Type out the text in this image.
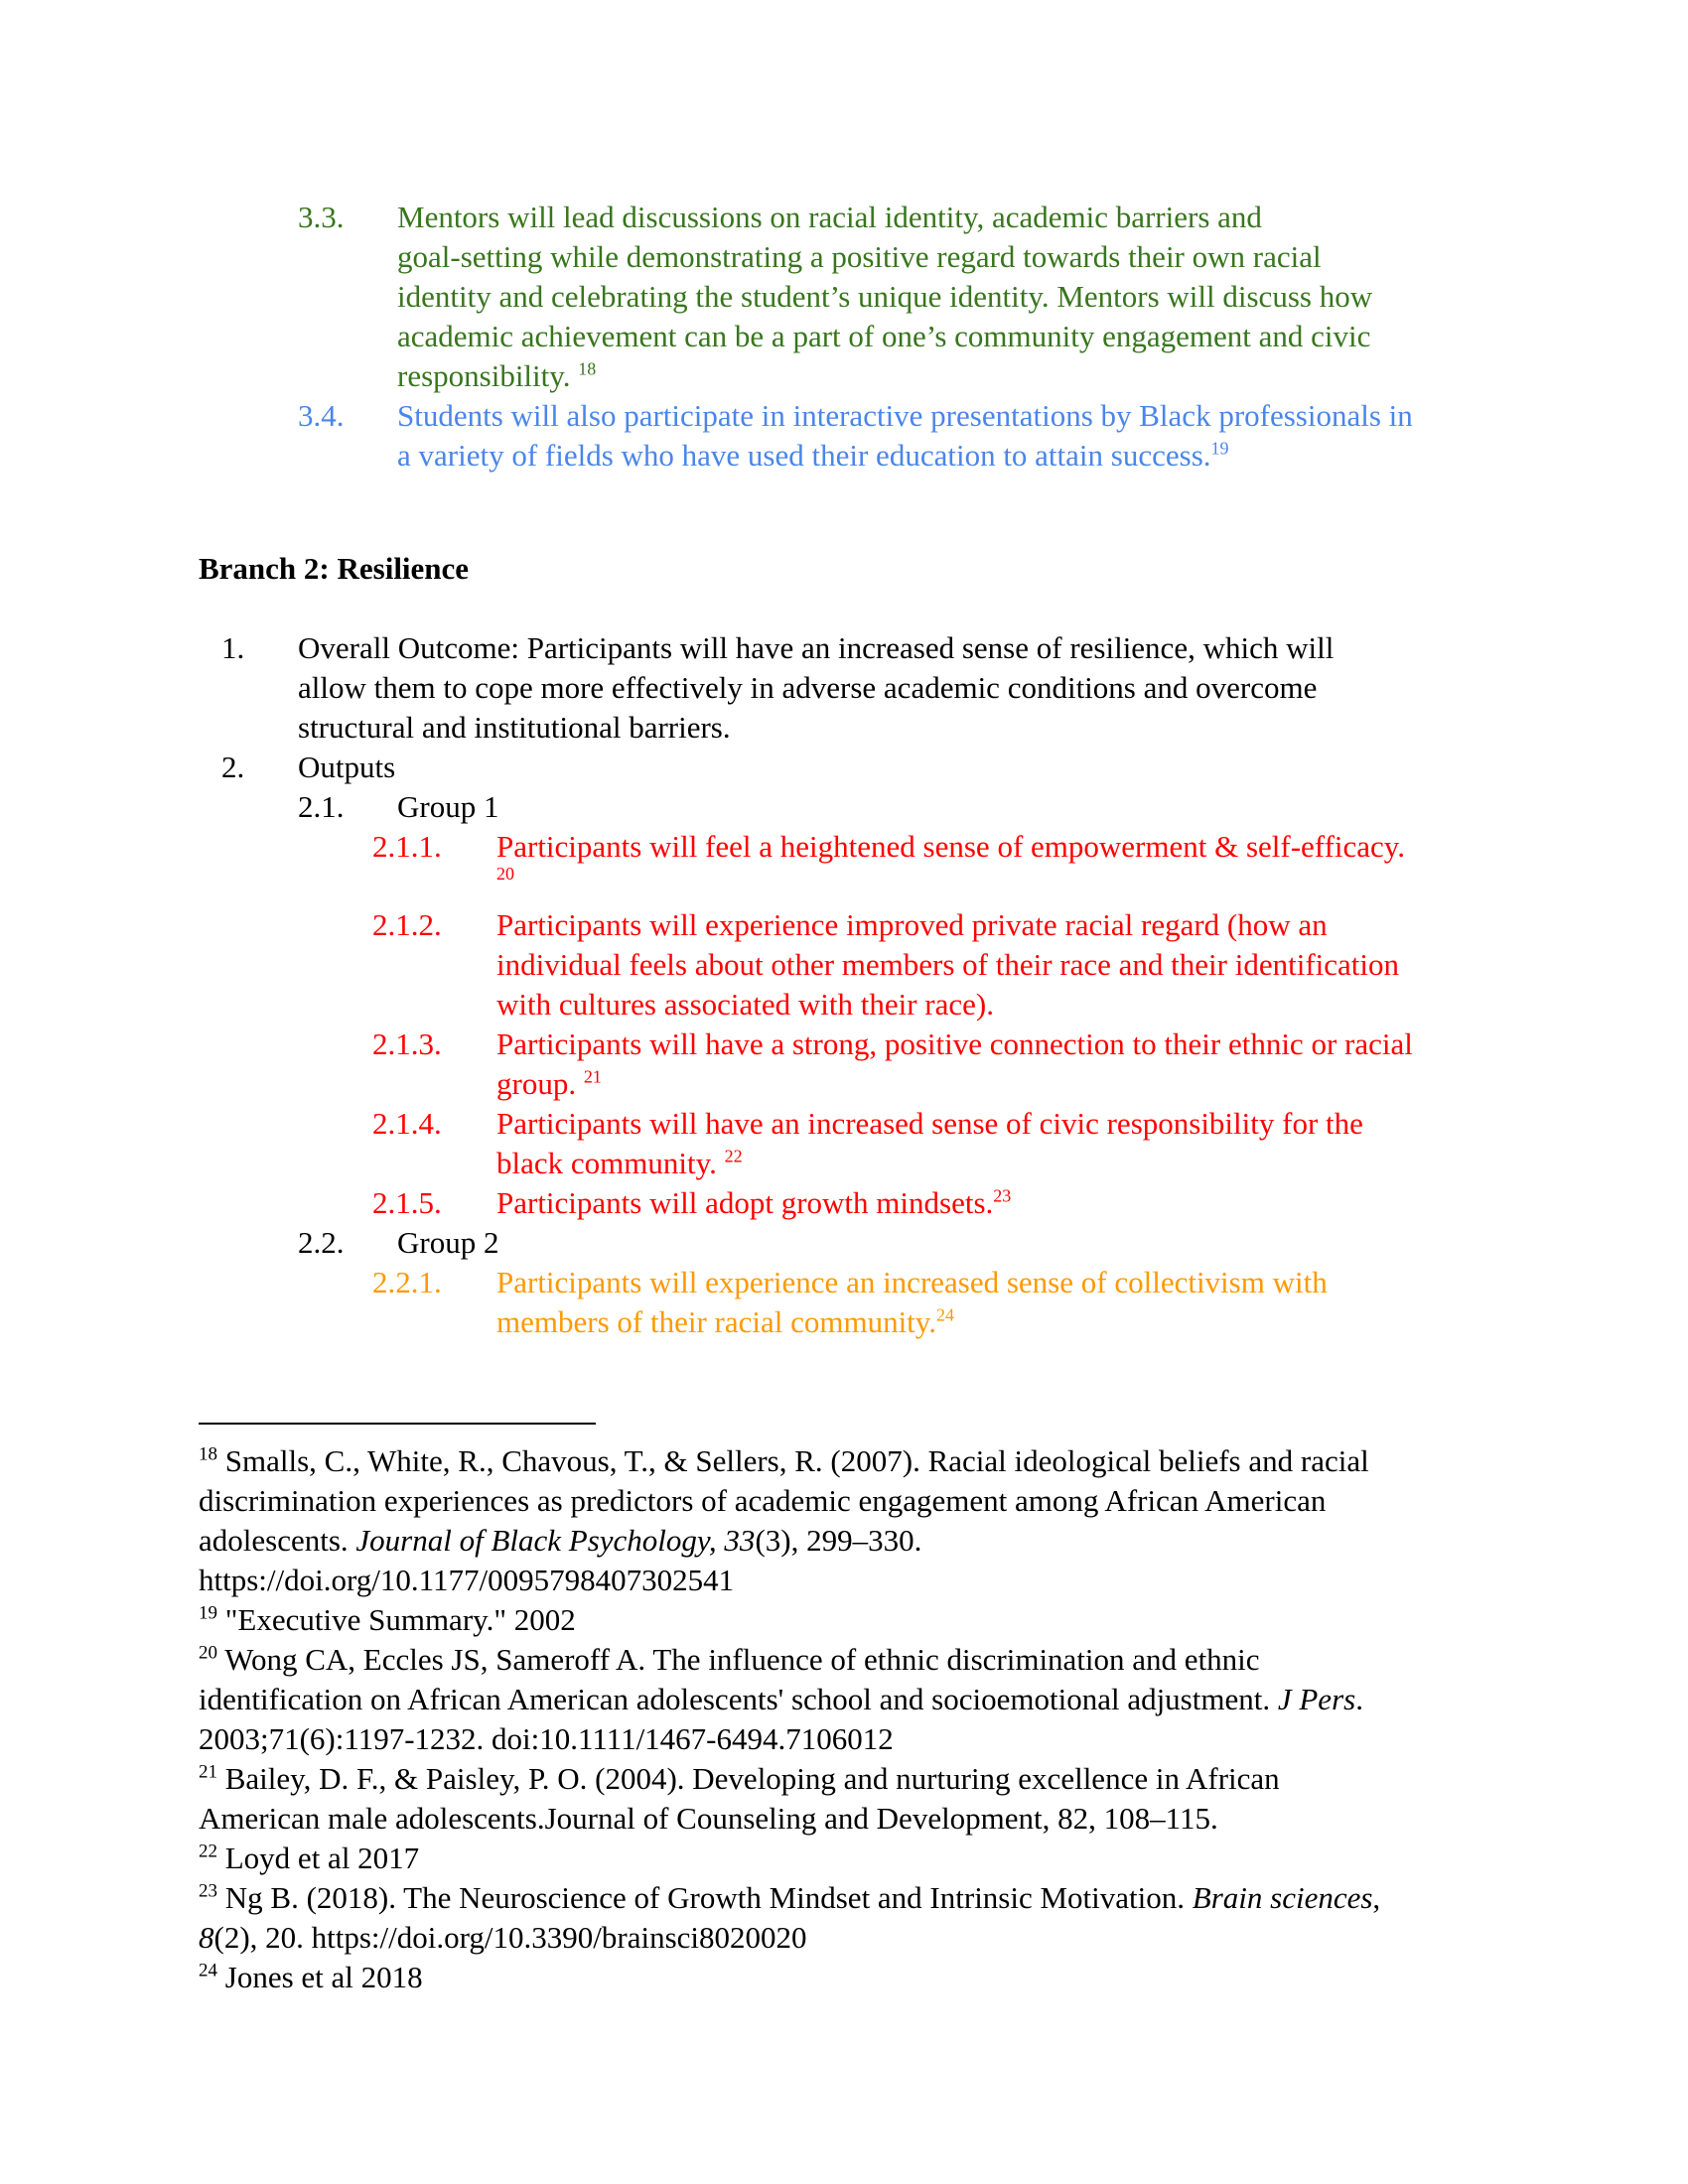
3.3. Mentors will lead discussions on racial identity, academic barriers and
goal-setting while demonstrating a positive regard towards their own racial
identity and celebrating the student’s unique identity. Mentors will discuss how
academic achievement can be a part of one’s community engagement and civic
responsibility. $^{18}$
3.4. Students will also participate in interactive presentations by Black professionals in
a variety of fields who have used their education to attain success.$^{19}$
Branch 2: Resilience
1. Overall Outcome: Participants will have an increased sense of resilience, which will
allow them to cope more effectively in adverse academic conditions and overcome
structural and institutional barriers.
2. Outputs
2.1. Group 1
2.1.1. Participants will feel a heightened sense of empowerment & self-efficacy.
20
2.1.2. Participants will experience improved private racial regard (how an
individual feels about other members of their race and their identification
with cultures associated with their race).
2.1.3. Participants will have a strong, positive connection to their ethnic or racial
group. $^{21}$
2.1.4. Participants will have an increased sense of civic responsibility for the
black community. $^{22}$
2.1.5. Participants will adopt growth mindsets.$^{23}$
2.2. Group 2
2.2.1. Participants will experience an increased sense of collectivism with
members of their racial community.$^{24}$
$^{18}$ Smalls, C., White, R., Chavous, T., & Sellers, R. (2007). Racial ideological beliefs and racial
discrimination experiences as predictors of academic engagement among African American
adolescents. Journal of Black Psychology, 33(3), 299–330.
https://doi.org/10.1177/0095798407302541
$^{19}$ "Executive Summary." 2002
$^{20}$ Wong CA, Eccles JS, Sameroff A. The influence of ethnic discrimination and ethnic
identification on African American adolescents' school and socioemotional adjustment. J Pers.
2003;71(6):1197-1232. doi:10.1111/1467-6494.7106012
$^{21}$ Bailey, D. F., & Paisley, P. O. (2004). Developing and nurturing excellence in African
American male adolescents.Journal of Counseling and Development, 82, 108–115.
$^{22}$ Loyd et al 2017
$^{23}$ Ng B. (2018). The Neuroscience of Growth Mindset and Intrinsic Motivation. Brain sciences,
8(2), 20. https://doi.org/10.3390/brainsci8020020
$^{24}$ Jones et al 2018
